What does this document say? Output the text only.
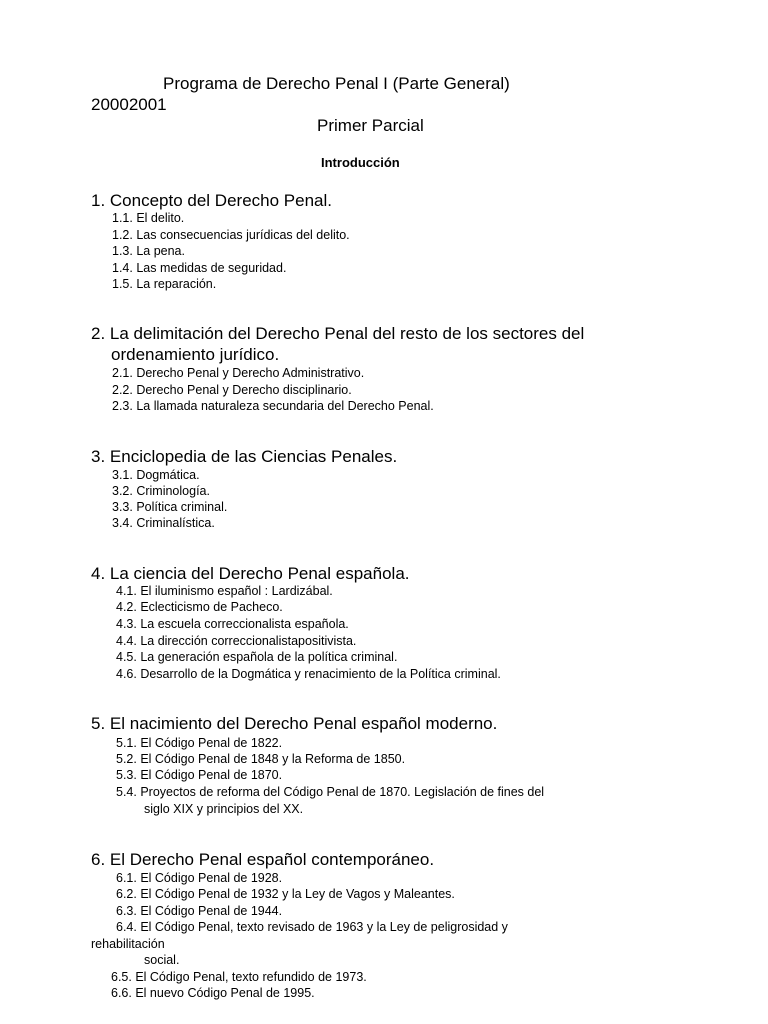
Programa de Derecho Penal I (Parte General)
20002001
Primer Parcial
Introducción
1. Concepto del Derecho Penal.
1.1. El delito.
1.2. Las consecuencias jurídicas del delito.
1.3. La pena.
1.4. Las medidas de seguridad.
1.5. La reparación.
2. La delimitación del Derecho Penal del resto de los sectores del
ordenamiento jurídico.
2.1. Derecho Penal y Derecho Administrativo.
2.2. Derecho Penal y Derecho disciplinario.
2.3. La llamada naturaleza secundaria del Derecho Penal.
3. Enciclopedia de las Ciencias Penales.
3.1. Dogmática.
3.2. Criminología.
3.3. Política criminal.
3.4. Criminalística.
4. La ciencia del Derecho Penal española.
4.1. El iluminismo español : Lardizábal.
4.2. Eclecticismo de Pacheco.
4.3. La escuela correccionalista española.
4.4. La dirección correccionalistapositivista.
4.5. La generación española de la política criminal.
4.6. Desarrollo de la Dogmática y renacimiento de la Política criminal.
5. El nacimiento del Derecho Penal español moderno.
5.1. El Código Penal de 1822.
5.2. El Código Penal de 1848 y la Reforma de 1850.
5.3. El Código Penal de 1870.
5.4. Proyectos de reforma del Código Penal de 1870. Legislación de fines del
siglo XIX y principios del XX.
6. El Derecho Penal español contemporáneo.
6.1. El Código Penal de 1928.
6.2. El Código Penal de 1932 y la Ley de Vagos y Maleantes.
6.3. El Código Penal de 1944.
6.4. El Código Penal, texto revisado de 1963 y la Ley de peligrosidad y
rehabilitación
social.
6.5. El Código Penal, texto refundido de 1973.
6.6. El nuevo Código Penal de 1995.
